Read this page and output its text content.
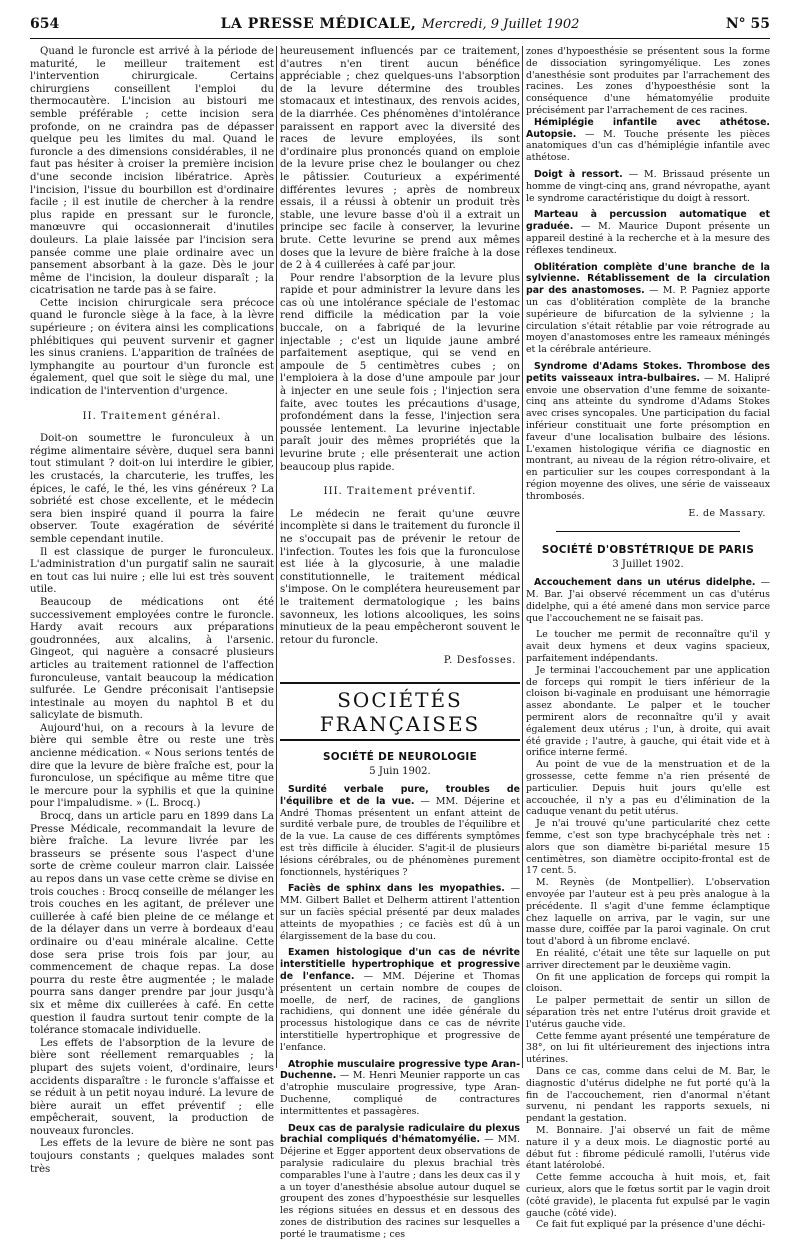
654	LA PRESSE MÉDICALE, Mercredi, 9 Juillet 1902	N° 55

Quand le furoncle est arrivé à la période de maturité, le meilleur traitement est l'intervention chirurgicale. Certains chirurgiens conseillent l'emploi du thermocautère. L'incision au bistouri me semble préférable ; cette incision sera profonde, on ne craindra pas de dépasser quelque peu les limites du mal. Quand le furoncle a des dimensions considérables, il ne faut pas hésiter à croiser la première incision d'une seconde incision libératrice. Après l'incision, l'issue du bourbillon est d'ordinaire facile ; il est inutile de chercher à la rendre plus rapide en pressant sur le furoncle, manœuvre qui occasionnerait d'inutiles douleurs. La plaie laissée par l'incision sera pansée comme une plaie ordinaire avec un pansement absorbant à la gaze. Dès le jour même de l'incision, la douleur disparaît ; la cicatrisation ne tarde pas à se faire.

Cette incision chirurgicale sera précoce quand le furoncle siège à la face, à la lèvre supérieure ; on évitera ainsi les complications phlébitiques qui peuvent survenir et gagner les sinus craniens. L'apparition de traînées de lymphangite au pourtour d'un furoncle est également, quel que soit le siège du mal, une indication de l'intervention d'urgence.

II. Traitement général.

Doit-on soumettre le furonculeux à un régime alimentaire sévère, duquel sera banni tout stimulant ? doit-on lui interdire le gibier, les crustacés, la charcuterie, les truffes, les épices, le café, le thé, les vins généreux ? La sobriété est chose excellente, et le médecin sera bien inspiré quand il pourra la faire observer. Toute exagération de sévérité semble cependant inutile.

Il est classique de purger le furonculeux. L'administration d'un purgatif salin ne saurait en tout cas lui nuire ; elle lui est très souvent utile.

Beaucoup de médications ont été successivement employées contre le furoncle. Hardy avait recours aux préparations goudronnées, aux alcalins, à l'arsenic. Gingeot, qui naguère a consacré plusieurs articles au traitement rationnel de l'affection furonculeuse, vantait beaucoup la médication sulfurée. Le Gendre préconisait l'antisepsie intestinale au moyen du naphtol B et du salicylate de bismuth.

Aujourd'hui, on a recours à la levure de bière qui semble être ou reste une très ancienne médication. « Nous serions tentés de dire que la levure de bière fraîche est, pour la furonculose, un spécifique au même titre que le mercure pour la syphilis et que la quinine pour l'impaludisme. » (L. Brocq.)

Brocq, dans un article paru en 1899 dans La Presse Médicale, recommandait la levure de bière fraîche. La levure livrée par les brasseurs se présente sous l'aspect d'une sorte de crème couleur marron clair. Laissée au repos dans un vase cette crème se divise en trois couches : Brocq conseille de mélanger les trois couches en les agitant, de prélever une cuillerée à café bien pleine de ce mélange et de la délayer dans un verre à bordeaux d'eau ordinaire ou d'eau minérale alcaline. Cette dose sera prise trois fois par jour, au commencement de chaque repas. La dose pourra du reste être augmentée ; le malade pourra sans danger prendre par jour jusqu'à six et même dix cuillerées à café. En cette question il faudra surtout tenir compte de la tolérance stomacale individuelle.

Les effets de l'absorption de la levure de bière sont réellement remarquables ; la plupart des sujets voient, d'ordinaire, leurs accidents disparaître : le furoncle s'affaisse et se réduit à un petit noyau induré. La levure de bière aurait un effet préventif ; elle empêcherait, souvent, la production de nouveaux furoncles.

Les effets de la levure de bière ne sont pas toujours constants ; quelques malades sont très

heureusement influencés par ce traitement, d'autres n'en tirent aucun bénéfice appréciable ; chez quelques-uns l'absorption de la levure détermine des troubles stomacaux et intestinaux, des renvois acides, de la diarrhée. Ces phénomènes d'intolérance paraissent en rapport avec la diversité des races de levure employées, ils sont d'ordinaire plus prononcés quand on emploie de la levure prise chez le boulanger ou chez le pâtissier. Couturieux a expérimenté différentes levures ; après de nombreux essais, il a réussi à obtenir un produit très stable, une levure basse d'où il a extrait un principe sec facile à conserver, la levurine brute. Cette levurine se prend aux mêmes doses que la levure de bière fraîche à la dose de 2 à 4 cuillerées à café par jour.

Pour rendre l'absorption de la levure plus rapide et pour administrer la levure dans les cas où une intolérance spéciale de l'estomac rend difficile la médication par la voie buccale, on a fabriqué de la levurine injectable ; c'est un liquide jaune ambré parfaitement aseptique, qui se vend en ampoule de 5 centimètres cubes ; on l'emploiera à la dose d'une ampoule par jour à injecter en une seule fois ; l'injection sera faite, avec toutes les précautions d'usage, profondément dans la fesse, l'injection sera poussée lentement. La levurine injectable paraît jouir des mêmes propriétés que la levurine brute ; elle présenterait une action beaucoup plus rapide.

III. Traitement préventif.

Le médecin ne ferait qu'une œuvre incomplète si dans le traitement du furoncle il ne s'occupait pas de prévenir le retour de l'infection. Toutes les fois que la furonculose est liée à la glycosurie, à une maladie constitutionnelle, le traitement médical s'impose. On le complétera heureusement par le traitement dermatologique ; les bains savonneux, les lotions alcooliques, les soins minutieux de la peau empêcheront souvent le retour du furoncle.

P. Desfosses.

SOCIÉTÉS FRANÇAISES

SOCIÉTÉ DE NEUROLOGIE

5 Juin 1902.

Surdité verbale pure, troubles de l'équilibre et de la vue. — MM. Déjerine et André Thomas présentent un enfant atteint de surdité verbale pure, de troubles de l'équilibre et de la vue. La cause de ces différents symptômes est très difficile à élucider. S'agit-il de plusieurs lésions cérébrales, ou de phénomènes purement fonctionnels, hystériques ?

Faciès de sphinx dans les myopathies. — MM. Gilbert Ballet et Delherm attirent l'attention sur un faciès spécial présenté par deux malades atteints de myopathies ; ce faciès est dû à un élargissement de la base du cou.

Examen histologique d'un cas de névrite interstitielle hypertrophique et progressive de l'enfance. — MM. Déjerine et Thomas présentent un certain nombre de coupes de moelle, de nerf, de racines, de ganglions rachidiens, qui donnent une idée générale du processus histologique dans ce cas de névrite interstitielle hypertrophique et progressive de l'enfance.

Atrophie musculaire progressive type Aran-Duchenne. — M. Henri Meunier rapporte un cas d'atrophie musculaire progressive, type Aran-Duchenne, compliqué de contractures intermittentes et passagères.

Deux cas de paralysie radiculaire du plexus brachial compliqués d'hématomyélie. — MM. Déjerine et Egger apportent deux observations de paralysie radiculaire du plexus brachial très comparables l'une à l'autre ; dans les deux cas il y a un toyer d'anesthésie absolue autour duquel se groupent des zones d'hypoesthésie sur lesquelles les régions situées en dessus et en dessous des zones de distribution des racines sur lesquelles a porté le traumatisme ; ces

zones d'hypoesthésie se présentent sous la forme de dissociation syringomyélique. Les zones d'anesthésie sont produites par l'arrachement des racines. Les zones d'hypoesthésie sont la conséquence d'une hématomyélie produite précisément par l'arrachement de ces racines.

Hémiplégie infantile avec athétose. Autopsie. — M. Touche présente les pièces anatomiques d'un cas d'hémiplégie infantile avec athétose.

Doigt à ressort. — M. Brissaud présente un homme de vingt-cinq ans, grand névropathe, ayant le syndrome caractéristique du doigt à ressort.

Marteau à percussion automatique et graduée. — M. Maurice Dupont présente un appareil destiné à la recherche et à la mesure des réflexes tendineux.

Oblitération complète d'une branche de la sylvienne. Rétablissement de la circulation par des anastomoses. — M. P. Pagniez apporte un cas d'oblitération complète de la branche supérieure de bifurcation de la sylvienne ; la circulation s'était rétablie par voie rétrograde au moyen d'anastomoses entre les rameaux méningés et la cérébrale antérieure.

Syndrome d'Adams Stokes. Thrombose des petits vaisseaux intra-bulbaires. — M. Halipré envoie une observation d'une femme de soixante-cinq ans atteinte du syndrome d'Adams Stokes avec crises syncopales. Une participation du facial inférieur constituait une forte présomption en faveur d'une localisation bulbaire des lésions. L'examen histologique vérifia ce diagnostic en montrant, au niveau de la région rétro-olivaire, et en particulier sur les coupes correspondant à la région moyenne des olives, une série de vaisseaux thrombosés.

E. de Massary.

SOCIÉTÉ D'OBSTÉTRIQUE DE PARIS

3 Juillet 1902.

Accouchement dans un utérus didelphe. — M. Bar. J'ai observé récemment un cas d'utérus didelphe, qui a été amené dans mon service parce que l'accouchement ne se faisait pas.

Le toucher me permit de reconnaître qu'il y avait deux hymens et deux vagins spacieux, parfaitement indépendants.

Je terminai l'accouchement par une application de forceps qui rompit le tiers inférieur de la cloison bi-vaginale en produisant une hémorragie assez abondante. Le palper et le toucher permirent alors de reconnaître qu'il y avait également deux utérus ; l'un, à droite, qui avait été gravide ; l'autre, à gauche, qui était vide et à orifice interne fermé.

Au point de vue de la menstruation et de la grossesse, cette femme n'a rien présenté de particulier. Depuis huit jours qu'elle est accouchée, il n'y a pas eu d'élimination de la caduque venant du petit utérus.

Je n'ai trouvé qu'une particularité chez cette femme, c'est son type brachycéphale très net : alors que son diamètre bi-pariétal mesure 15 centimètres, son diamètre occipito-frontal est de 17 cent. 5.

M. Reynès (de Montpellier). L'observation envoyée par l'auteur est à peu près analogue à la précédente. Il s'agit d'une femme éclamptique chez laquelle on arriva, par le vagin, sur une masse dure, coiffée par la paroi vaginale. On crut tout d'abord à un fibrome enclavé.

En réalité, c'était une tête sur laquelle on put arriver directement par le deuxième vagin.

On fit une application de forceps qui rompit la cloison.

Le palper permettait de sentir un sillon de séparation très net entre l'utérus droit gravide et l'utérus gauche vide.

Cette femme ayant présenté une température de 38°, on lui fit ultérieurement des injections intra utérines.

Dans ce cas, comme dans celui de M. Bar, le diagnostic d'utérus didelphe ne fut porté qu'à la fin de l'accouchement, rien d'anormal n'étant survenu, ni pendant les rapports sexuels, ni pendant la gestation.

M. Bonnaire. J'ai observé un fait de même nature il y a deux mois. Le diagnostic porté au début fut : fibrome pédiculé ramolli, l'utérus vide étant latérolobé.

Cette femme accoucha à huit mois, et, fait curieux, alors que le fœtus sortit par le vagin droit (côté gravide), le placenta fut expulsé par le vagin gauche (côté vide).

Ce fait fut expliqué par la présence d'une déchi-
